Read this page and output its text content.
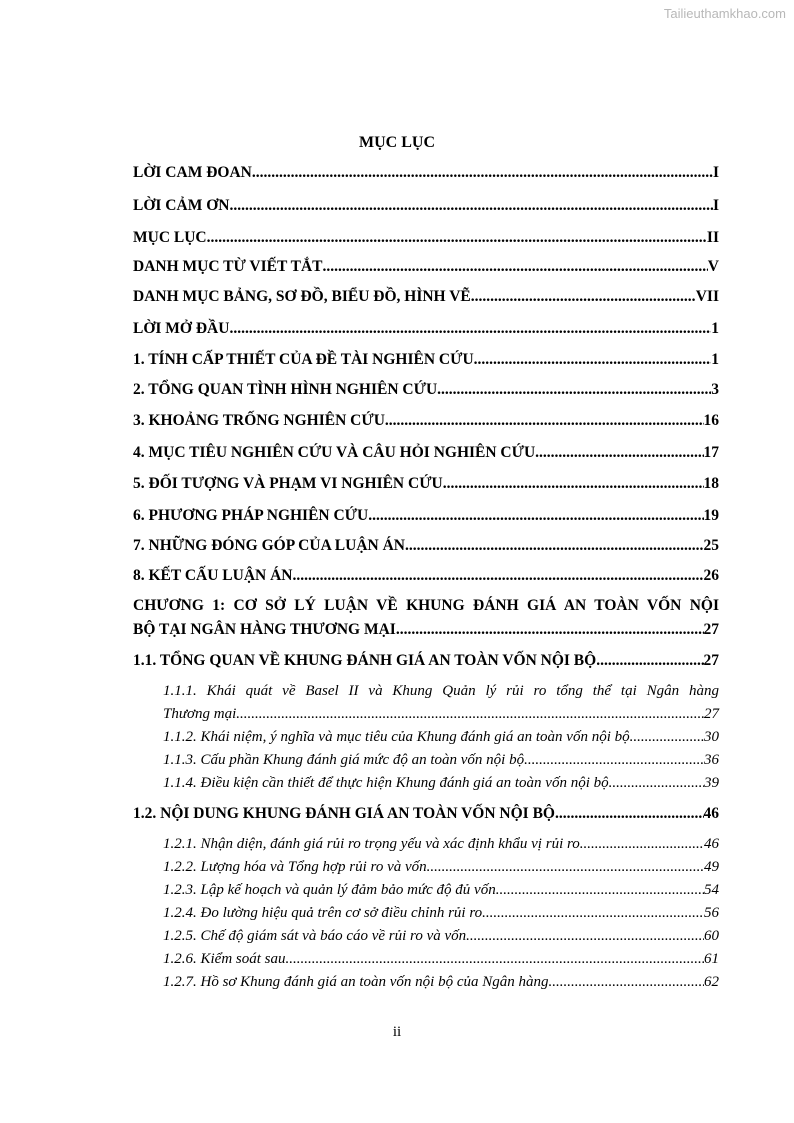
Tailieuthamkhao.com
MỤC LỤC
LỜI CAM ĐOAN .....	I
LỜI CẢM ƠN .....	I
MỤC LỤC .....	II
DANH MỤC TỪ VIẾT TẮT .....	V
DANH MỤC BẢNG, SƠ ĐỒ, BIỂU ĐỒ, HÌNH VẼ .....	VII
LỜI MỞ ĐẦU .....	1
1. TÍNH CẤP THIẾT CỦA ĐỀ TÀI NGHIÊN CỨU .....	1
2. TỔNG QUAN TÌNH HÌNH NGHIÊN CỨU .....	3
3. KHOẢNG TRỐNG NGHIÊN CỨU .....	16
4. MỤC TIÊU NGHIÊN CỨU VÀ CÂU HỎI NGHIÊN CỨU .....	17
5. ĐỐI TƯỢNG VÀ PHẠM VI NGHIÊN CỨU .....	18
6. PHƯƠNG PHÁP NGHIÊN CỨU .....	19
7. NHỮNG ĐÓNG GÓP CỦA LUẬN ÁN .....	25
8. KẾT CẤU LUẬN ÁN .....	26
CHƯƠNG 1: CƠ SỞ LÝ LUẬN VỀ KHUNG ĐÁNH GIÁ AN TOÀN VỐN NỘI
BỘ TẠI NGÂN HÀNG THƯƠNG MẠI .....	27
1.1. TỔNG QUAN VỀ KHUNG ĐÁNH GIÁ AN TOÀN VỐN NỘI BỘ .....	27
1.1.1. Khái quát về Basel II và Khung Quản lý rủi ro tổng thể tại Ngân hàng
Thương mại .....	27
1.1.2. Khái niệm, ý nghĩa và mục tiêu của Khung đánh giá an toàn vốn nội bộ .....	30
1.1.3. Cấu phần Khung đánh giá mức độ an toàn vốn nội bộ .....	36
1.1.4. Điều kiện cần thiết để thực hiện Khung đánh giá an toàn vốn nội bộ .....	39
1.2. NỘI DUNG KHUNG ĐÁNH GIÁ AN TOÀN VỐN NỘI BỘ .....	46
1.2.1. Nhận diện, đánh giá rủi ro trọng yếu và xác định khẩu vị rủi ro .....	46
1.2.2. Lượng hóa và Tổng hợp rủi ro và vốn .....	49
1.2.3. Lập kế hoạch và quản lý đảm bảo mức độ đủ vốn .....	54
1.2.4. Đo lường hiệu quả trên cơ sở điều chỉnh rủi ro .....	56
1.2.5. Chế độ giám sát và báo cáo về rủi ro và vốn .....	60
1.2.6. Kiểm soát sau .....	61
1.2.7. Hồ sơ Khung đánh giá an toàn vốn nội bộ của Ngân hàng .....	62
ii
